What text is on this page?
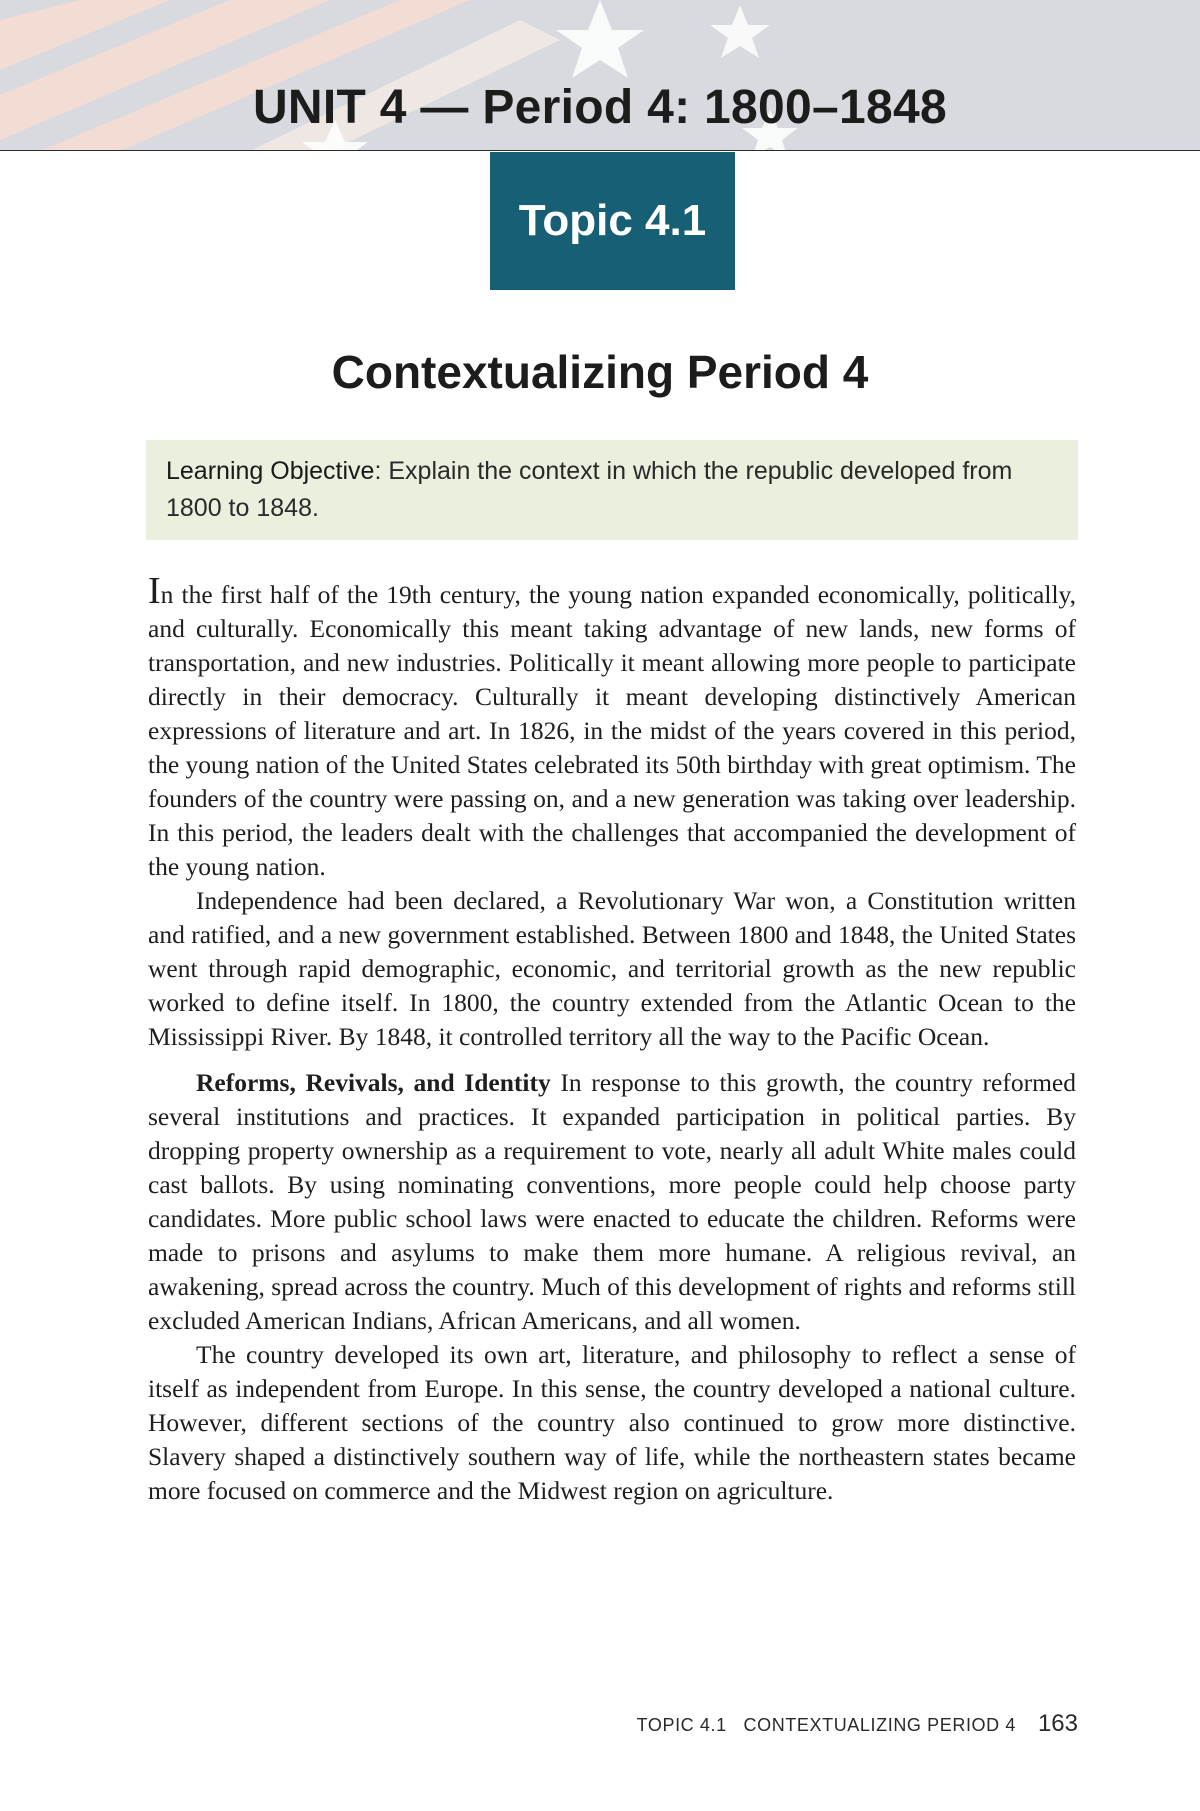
UNIT 4 — Period 4: 1800–1848
Topic 4.1
Contextualizing Period 4
Learning Objective: Explain the context in which the republic developed from 1800 to 1848.

In the first half of the 19th century, the young nation expanded economically, politically, and culturally. Economically this meant taking advantage of new lands, new forms of transportation, and new industries. Politically it meant allowing more people to participate directly in their democracy. Culturally it meant developing distinctively American expressions of literature and art. In 1826, in the midst of the years covered in this period, the young nation of the United States celebrated its 50th birthday with great optimism. The founders of the country were passing on, and a new generation was taking over leadership. In this period, the leaders dealt with the challenges that accompanied the development of the young nation.

Independence had been declared, a Revolutionary War won, a Constitution written and ratified, and a new government established. Between 1800 and 1848, the United States went through rapid demographic, economic, and territorial growth as the new republic worked to define itself. In 1800, the country extended from the Atlantic Ocean to the Mississippi River. By 1848, it controlled territory all the way to the Pacific Ocean.

Reforms, Revivals, and Identity In response to this growth, the country reformed several institutions and practices. It expanded participation in political parties. By dropping property ownership as a requirement to vote, nearly all adult White males could cast ballots. By using nominating conventions, more people could help choose party candidates. More public school laws were enacted to educate the children. Reforms were made to prisons and asylums to make them more humane. A religious revival, an awakening, spread across the country. Much of this development of rights and reforms still excluded American Indians, African Americans, and all women.

The country developed its own art, literature, and philosophy to reflect a sense of itself as independent from Europe. In this sense, the country developed a national culture. However, different sections of the country also continued to grow more distinctive. Slavery shaped a distinctively southern way of life, while the northeastern states became more focused on commerce and the Midwest region on agriculture.

TOPIC 4.1   CONTEXTUALIZING PERIOD 4 163
